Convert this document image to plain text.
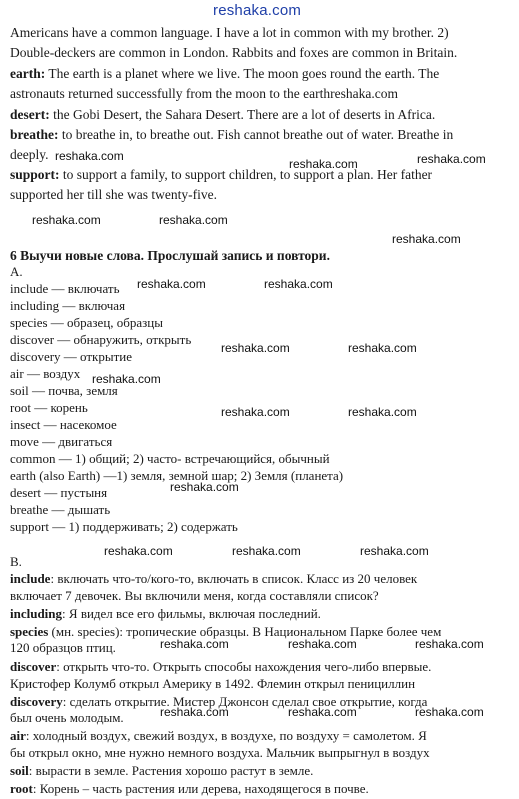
reshaka.com
Americans have a common language. I have a lot in common with my brother. 2)
Double-deckers are common in London. Rabbits and foxes are common in Britain.
earth: The earth is a planet where we live. The moon goes round the earth. The
astronauts returned successfully from the moon to the earthreshaka.com
desert: the Gobi Desert, the Sahara Desert. There are a lot of deserts in Africa.
breathe: to breathe in, to breathe out. Fish cannot breathe out of water. Breathe in
deeply.
support: to support a family, to support children, to support a plan. Her father
supported her till she was twenty-five.
6 Выучи новые слова. Прослушай запись и повтори.
A.
include — включать
including — включая
species — образец, образцы
discover — обнаружить, открыть
discovery — открытие
air — воздух
soil — почва, земля
root — корень
insect — насекомое
move — двигаться
common — 1) общий; 2) часто- встречающийся, обычный
earth (also Earth) —1) земля, земной шар; 2) Земля (планета)
desert — пустыня
breathe — дышать
support — 1) поддерживать; 2) содержать
B.
include: включать что-то/кого-то, включать в список. Класс из 20 человек
включает 7 девочек. Вы включили меня, когда составляли список?
including: Я видел все его фильмы, включая последний.
species (мн. species): тропические образцы. В Национальном Парке более чем
120 образцов птиц.
discover: открыть что-то. Открыть способы нахождения чего-либо впервые.
Кристофер Колумб открыл Америку в 1492. Флемин открыл пенициллин
discovery: сделать открытие. Мистер Джонсон сделал свое открытие, когда
был очень молодым.
air: холодный воздух, свежий воздух, в воздухе, по воздуху = самолетом. Я
бы открыл окно, мне нужно немного воздуха. Мальчик выпрыгнул в воздух
soil: вырасти в земле. Растения хорошо растут в земле.
root: Корень – часть растения или дерева, находящегося в почве.
reshaka.com
reshaka.com	reshaka.com
reshaka.com	reshaka.com
reshaka.com
reshaka.com	reshaka.com
reshaka.com	reshaka.com
reshaka.com
reshaka.com	reshaka.com
reshaka.com
reshaka.com	reshaka.com	reshaka.com
reshaka.com	reshaka.com	reshaka.com
reshaka.com	reshaka.com	reshaka.com
